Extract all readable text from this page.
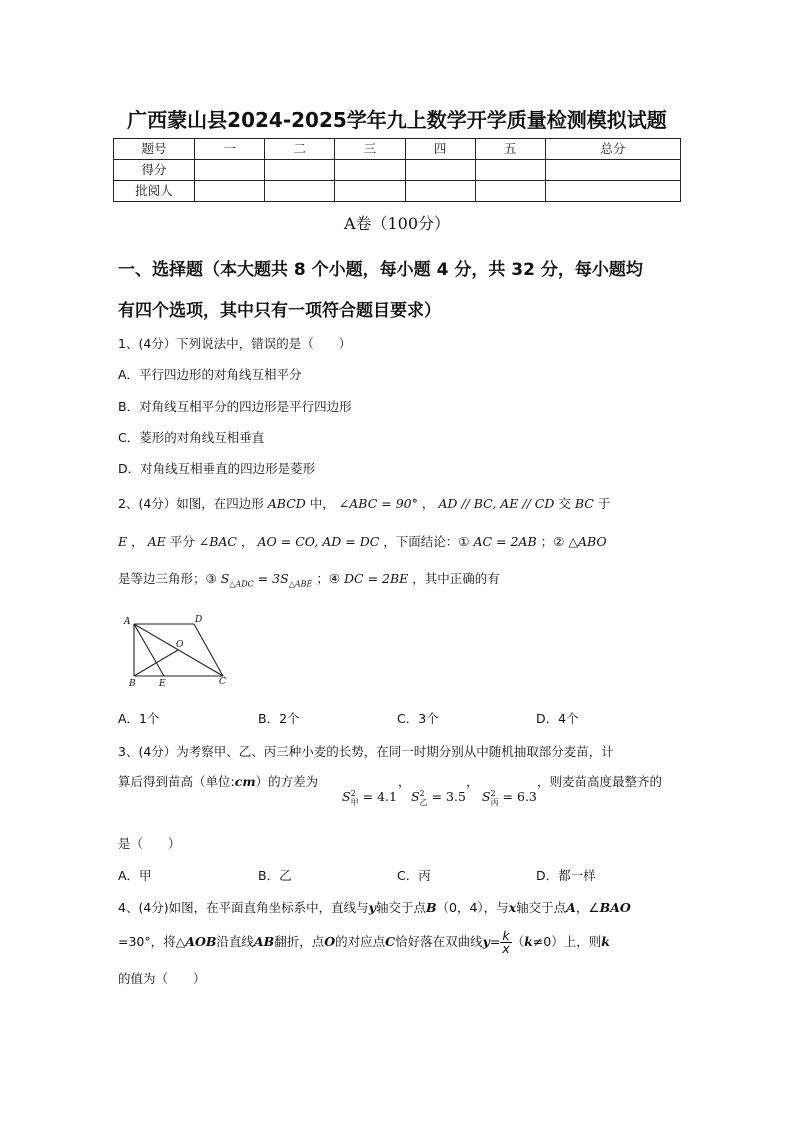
广西蒙山县2024-2025学年九上数学开学质量检测模拟试题
题号	一	二	三	四	五	总分
得分						
批阅人						
A卷（100分）
一、选择题（本大题共 8 个小题，每小题 4 分，共 32 分，每小题均
有四个选项，其中只有一项符合题目要求）
1、(4分）下列说法中，错误的是（　　）
A．平行四边形的对角线互相平分
B．对角线互相平分的四边形是平行四边形
C．菱形的对角线互相垂直
D．对角线互相垂直的四边形是菱形
2、(4分）如图，在四边形 ABCD 中， ∠ABC = 90° ， AD // BC, AE // CD 交 BC 于
E ， AE 平分 ∠BAC ， AO = CO, AD = DC ，下面结论：① AC = 2AB ；② △ABO
是等边三角形；③ $S_{\triangle ADC} = 3S_{\triangle ABE}$ ；④ DC = 2BE ，其中正确的有
A	D
O
B	E	C
A．1个	B．2个	C．3个	D．4个
3、(4分）为考察甲、乙、丙三种小麦的长势，在同一时期分别从中随机抽取部分麦苗，计
算后得到苗高（单位:cm）的方差为	，	，	，则麦苗高度最整齐的
$S^2_甲 = 4.1$ $S^2_乙 = 3.5$ $S^2_丙 = 6.3$
是（　　）
A．甲	B．乙	C．丙	D．都一样
4、(4分)如图，在平面直角坐标系中，直线与y轴交于点B（0，4），与x轴交于点A，∠BAO
=30°，将△AOB沿直线AB翻折，点O的对应点C恰好落在双曲线$y= \frac{k}{x} (k\ne 0)$上，则k
的值为（　　）
